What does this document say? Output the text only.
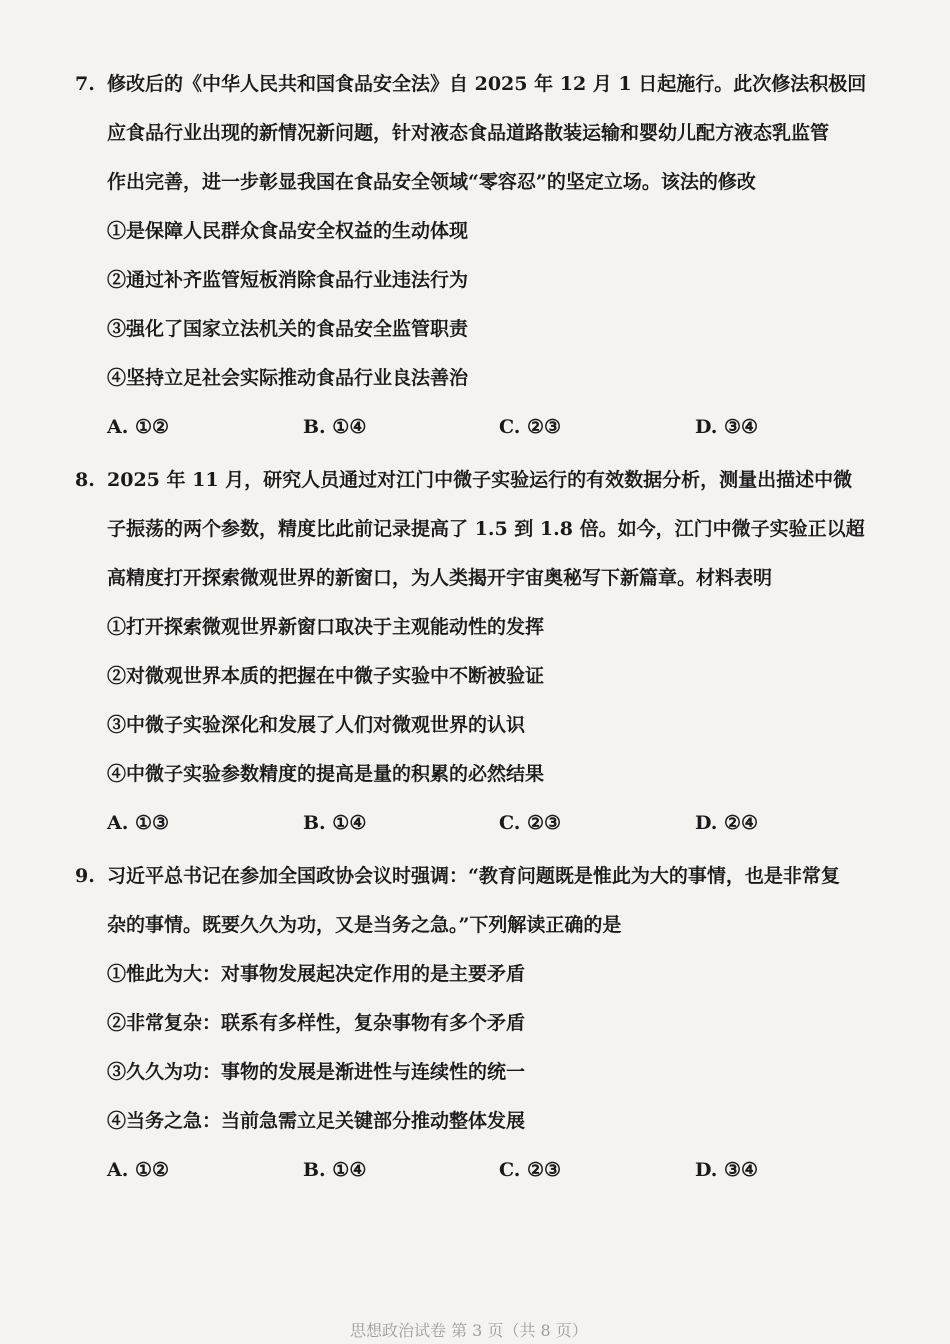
7. 修改后的《中华人民共和国食品安全法》自 2025 年 12 月 1 日起施行。此次修法积极回
应食品行业出现的新情况新问题，针对液态食品道路散装运输和婴幼儿配方液态乳监管
作出完善，进一步彰显我国在食品安全领域“零容忍”的坚定立场。该法的修改
①是保障人民群众食品安全权益的生动体现
②通过补齐监管短板消除食品行业违法行为
③强化了国家立法机关的食品安全监管职责
④坚持立足社会实际推动食品行业良法善治
A. ①②	B. ①④	C. ②③	D. ③④
8. 2025 年 11 月，研究人员通过对江门中微子实验运行的有效数据分析，测量出描述中微
子振荡的两个参数，精度比此前记录提高了 1.5 到 1.8 倍。如今，江门中微子实验正以超
高精度打开探索微观世界的新窗口，为人类揭开宇宙奥秘写下新篇章。材料表明
①打开探索微观世界新窗口取决于主观能动性的发挥
②对微观世界本质的把握在中微子实验中不断被验证
③中微子实验深化和发展了人们对微观世界的认识
④中微子实验参数精度的提高是量的积累的必然结果
A. ①③	B. ①④	C. ②③	D. ②④
9. 习近平总书记在参加全国政协会议时强调：“教育问题既是惟此为大的事情，也是非常复
杂的事情。既要久久为功，又是当务之急。”下列解读正确的是
①惟此为大：对事物发展起决定作用的是主要矛盾
②非常复杂：联系有多样性，复杂事物有多个矛盾
③久久为功：事物的发展是渐进性与连续性的统一
④当务之急：当前急需立足关键部分推动整体发展
A. ①②	B. ①④	C. ②③	D. ③④
思想政治试卷 第 3 页（共 8 页）
